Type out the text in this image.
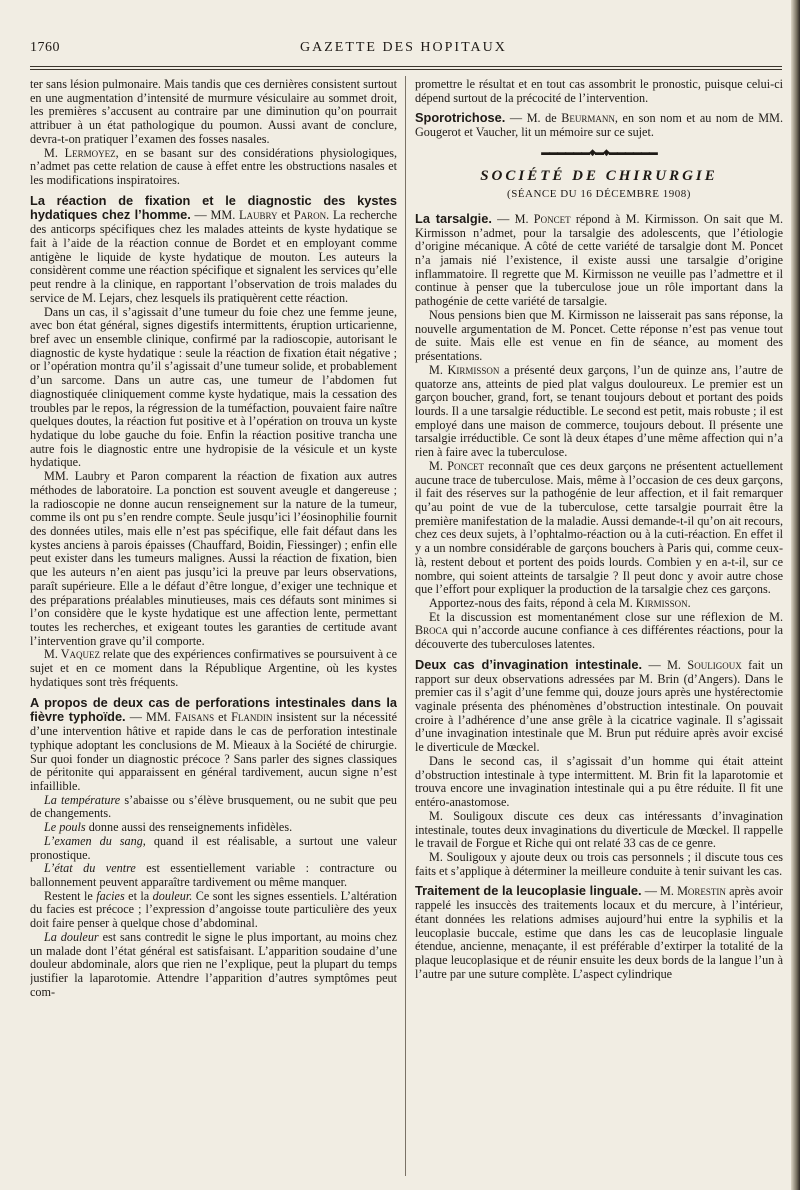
1760	GAZETTE DES HOPITAUX

ter sans lésion pulmonaire. Mais tandis que ces dernières consistent surtout en une augmentation d’intensité de murmure vésiculaire au sommet droit, les premières s’accusent au contraire par une diminution qu’on pourrait attribuer à un état pathologique du poumon. Aussi avant de conclure, devra-t-on pratiquer l’examen des fosses nasales.

M. Lermoyez, en se basant sur des considérations physiologiques, n’admet pas cette relation de cause à effet entre les obstructions nasales et les modifications inspiratoires.

La réaction de fixation et le diagnostic des kystes hydatiques chez l’homme. — MM. Laubry et Paron. La recherche des anticorps spécifiques chez les malades atteints de kyste hydatique se fait à l’aide de la réaction connue de Bordet et en employant comme antigène le liquide de kyste hydatique de mouton. Les auteurs la considèrent comme une réaction spécifique et signalent les services qu’elle peut rendre à la clinique, en rapportant l’observation de trois malades du service de M. Lejars, chez lesquels ils pratiquèrent cette réaction.

Dans un cas, il s’agissait d’une tumeur du foie chez une femme jeune, avec bon état général, signes digestifs intermittents, éruption urticarienne, bref avec un ensemble clinique, confirmé par la radioscopie, autorisant le diagnostic de kyste hydatique : seule la réaction de fixation était négative ; or l’opération montra qu’il s’agissait d’une tumeur solide, et probablement d’un sarcome. Dans un autre cas, une tumeur de l’abdomen fut diagnostiquée cliniquement comme kyste hydatique, mais la cessation des troubles par le repos, la régression de la tuméfaction, pouvaient faire naître quelques doutes, la réaction fut positive et à l’opération on trouva un kyste hydatique du lobe gauche du foie. Enfin la réaction positive trancha une autre fois le diagnostic entre une hydropisie de la vésicule et un kyste hydatique.

MM. Laubry et Paron comparent la réaction de fixation aux autres méthodes de laboratoire. La ponction est souvent aveugle et dangereuse ; la radioscopie ne donne aucun renseignement sur la nature de la tumeur, comme ils ont pu s’en rendre compte. Seule jusqu’ici l’éosinophilie fournit des données utiles, mais elle n’est pas spécifique, elle fait défaut dans les kystes anciens à parois épaisses (Chauffard, Boidin, Fiessinger) ; enfin elle peut exister dans les tumeurs malignes. Aussi la réaction de fixation, bien que les auteurs n’en aient pas jusqu’ici la preuve par leurs observations, paraît supérieure. Elle a le défaut d’être longue, d’exiger une technique et des préparations préalables minutieuses, mais ces défauts sont minimes si l’on considère que le kyste hydatique est une affection lente, permettant toutes les recherches, et exigeant toutes les garanties de certitude avant l’intervention grave qu’il comporte.

M. Vaquez relate que des expériences confirmatives se poursuivent à ce sujet et en ce moment dans la République Argentine, où les kystes hydatiques sont très fréquents.

A propos de deux cas de perforations intestinales dans la fièvre typhoïde. — MM. Faisans et Flandin insistent sur la nécessité d’une intervention hâtive et rapide dans le cas de perforation intestinale typhique adoptant les conclusions de M. Mieaux à la Société de chirurgie. Sur quoi fonder un diagnostic précoce ? Sans parler des signes classiques de péritonite qui apparaissent en général tardivement, aucun signe n’est infaillible.

La température s’abaisse ou s’élève brusquement, ou ne subit que peu de changements.

Le pouls donne aussi des renseignements infidèles.

L’examen du sang, quand il est réalisable, a surtout une valeur pronostique.

L’état du ventre est essentiellement variable : contracture ou ballonnement peuvent apparaître tardivement ou même manquer.

Restent le facies et la douleur. Ce sont les signes essentiels. L’altération du facies est précoce ; l’expression d’angoisse toute particulière des yeux doit faire penser à quelque chose d’abdominal.

La douleur est sans contredit le signe le plus important, au moins chez un malade dont l’état général est satisfaisant. L’apparition soudaine d’une douleur abdominale, alors que rien ne l’explique, peut la plupart du temps justifier la laparotomie. Attendre l’apparition d’autres symptômes peut com-

promettre le résultat et en tout cas assombrit le pronostic, puisque celui-ci dépend surtout de la précocité de l’intervention.

Sporotrichose. — M. de Beurmann, en son nom et au nom de MM. Gougerot et Vaucher, lit un mémoire sur ce sujet.

▬▬▬▬▬▬◆▬◆▬▬▬▬▬▬
SOCIÉTÉ DE CHIRURGIE
(SÉANCE DU 16 DÉCEMBRE 1908)

La tarsalgie. — M. Poncet répond à M. Kirmisson. On sait que M. Kirmisson n’admet, pour la tarsalgie des adolescents, que l’étiologie d’origine mécanique. A côté de cette variété de tarsalgie dont M. Poncet n’a jamais nié l’existence, il existe aussi une tarsalgie d’origine inflammatoire. Il regrette que M. Kirmisson ne veuille pas l’admettre et il continue à penser que la tuberculose joue un rôle important dans la pathogénie de cette variété de tarsalgie.

Nous pensions bien que M. Kirmisson ne laisserait pas sans réponse, la nouvelle argumentation de M. Poncet. Cette réponse n’est pas venue tout de suite. Mais elle est venue en fin de séance, au moment des présentations.

M. Kirmisson a présenté deux garçons, l’un de quinze ans, l’autre de quatorze ans, atteints de pied plat valgus douloureux. Le premier est un garçon boucher, grand, fort, se tenant toujours debout et portant des poids lourds. Il a une tarsalgie réductible. Le second est petit, mais robuste ; il est employé dans une maison de commerce, toujours debout. Il présente une tarsalgie irréductible. Ce sont là deux étapes d’une même affection qui n’a rien à faire avec la tuberculose.

M. Poncet reconnaît que ces deux garçons ne présentent actuellement aucune trace de tuberculose. Mais, même à l’occasion de ces deux garçons, il fait des réserves sur la pathogénie de leur affection, et il fait remarquer qu’au point de vue de la tuberculose, cette tarsalgie pourrait être la première manifestation de la maladie. Aussi demande-t-il qu’on ait recours, chez ces deux sujets, à l’ophtalmo-réaction ou à la cuti-réaction. En effet il y a un nombre considérable de garçons bouchers à Paris qui, comme ceux-là, restent debout et portent des poids lourds. Combien y en a-t-il, sur ce nombre, qui soient atteints de tarsalgie ? Il peut donc y avoir autre chose que l’effort pour expliquer la production de la tarsalgie chez ces garçons.

Apportez-nous des faits, répond à cela M. Kirmisson.

Et la discussion est momentanément close sur une réflexion de M. Broca qui n’accorde aucune confiance à ces différentes réactions, pour la découverte des tuberculoses latentes.

Deux cas d’invagination intestinale. — M. Souligoux fait un rapport sur deux observations adressées par M. Brin (d’Angers). Dans le premier cas il s’agit d’une femme qui, douze jours après une hystérectomie vaginale présenta des phénomènes d’obstruction intestinale. On pouvait croire à l’adhérence d’une anse grêle à la cicatrice vaginale. Il s’agissait d’une invagination intestinale que M. Brun put réduire après avoir excisé le diverticule de Mœckel.

Dans le second cas, il s’agissait d’un homme qui était atteint d’obstruction intestinale à type intermittent. M. Brin fit la laparotomie et trouva encore une invagination intestinale qui a pu être réduite. Il fit une entéro-anastomose.

M. Souligoux discute ces deux cas intéressants d’invagination intestinale, toutes deux invaginations du diverticule de Mœckel. Il rappelle le travail de Forgue et Riche qui ont relaté 33 cas de ce genre.

M. Souligoux y ajoute deux ou trois cas personnels ; il discute tous ces faits et s’applique à déterminer la meilleure conduite à tenir suivant les cas.

Traitement de la leucoplasie linguale. — M. Morestin après avoir rappelé les insuccès des traitements locaux et du mercure, à l’intérieur, étant données les relations admises aujourd’hui entre la syphilis et la leucoplasie buccale, estime que dans les cas de leucoplasie linguale étendue, ancienne, menaçante, il est préférable d’extirper la totalité de la plaque leucoplasique et de réunir ensuite les deux bords de la langue l’un à l’autre par une suture complète. L’aspect cylindrique
